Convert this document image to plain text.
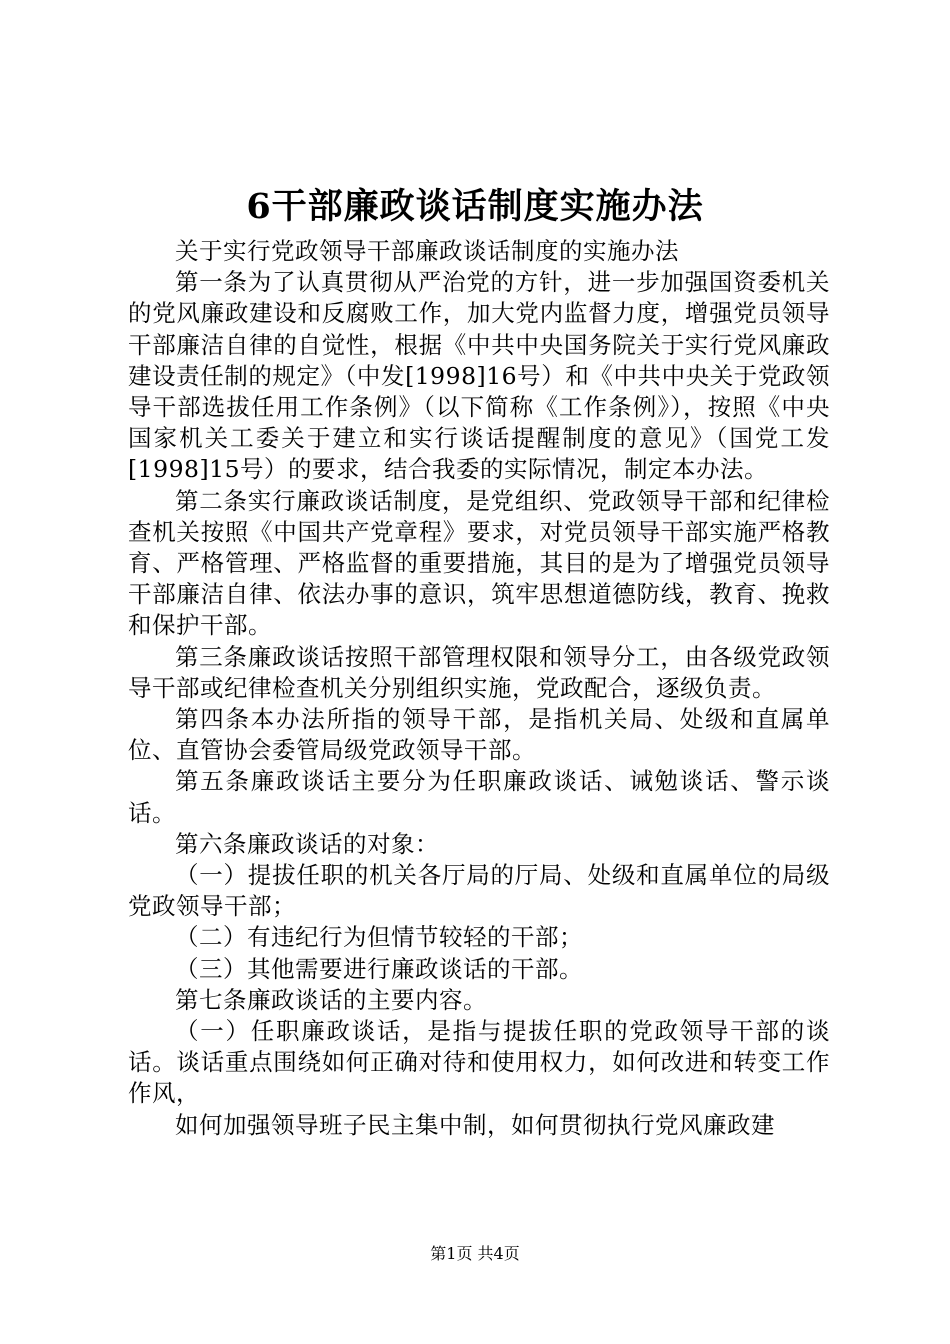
6干部廉政谈话制度实施办法

关于实行党政领导干部廉政谈话制度的实施办法

第一条为了认真贯彻从严治党的方针，进一步加强国资委机关的党风廉政建设和反腐败工作，加大党内监督力度，增强党员领导干部廉洁自律的自觉性，根据《中共中央国务院关于实行党风廉政建设责任制的规定》（中发[1998]16号）和《中共中央关于党政领导干部选拔任用工作条例》（以下简称《工作条例》），按照《中央国家机关工委关于建立和实行谈话提醒制度的意见》（国党工发[1998]15号）的要求，结合我委的实际情况，制定本办法。

第二条实行廉政谈话制度，是党组织、党政领导干部和纪律检查机关按照《中国共产党章程》要求，对党员领导干部实施严格教育、严格管理、严格监督的重要措施，其目的是为了增强党员领导干部廉洁自律、依法办事的意识，筑牢思想道德防线，教育、挽救和保护干部。

第三条廉政谈话按照干部管理权限和领导分工，由各级党政领导干部或纪律检查机关分别组织实施，党政配合，逐级负责。

第四条本办法所指的领导干部，是指机关局、处级和直属单位、直管协会委管局级党政领导干部。

第五条廉政谈话主要分为任职廉政谈话、诫勉谈话、警示谈话。

第六条廉政谈话的对象：

（一）提拔任职的机关各厅局的厅局、处级和直属单位的局级党政领导干部；

（二）有违纪行为但情节较轻的干部；

（三）其他需要进行廉政谈话的干部。

第七条廉政谈话的主要内容。

（一）任职廉政谈话，是指与提拔任职的党政领导干部的谈话。谈话重点围绕如何正确对待和使用权力，如何改进和转变工作作风，

如何加强领导班子民主集中制，如何贯彻执行党风廉政建

第1页 共4页
